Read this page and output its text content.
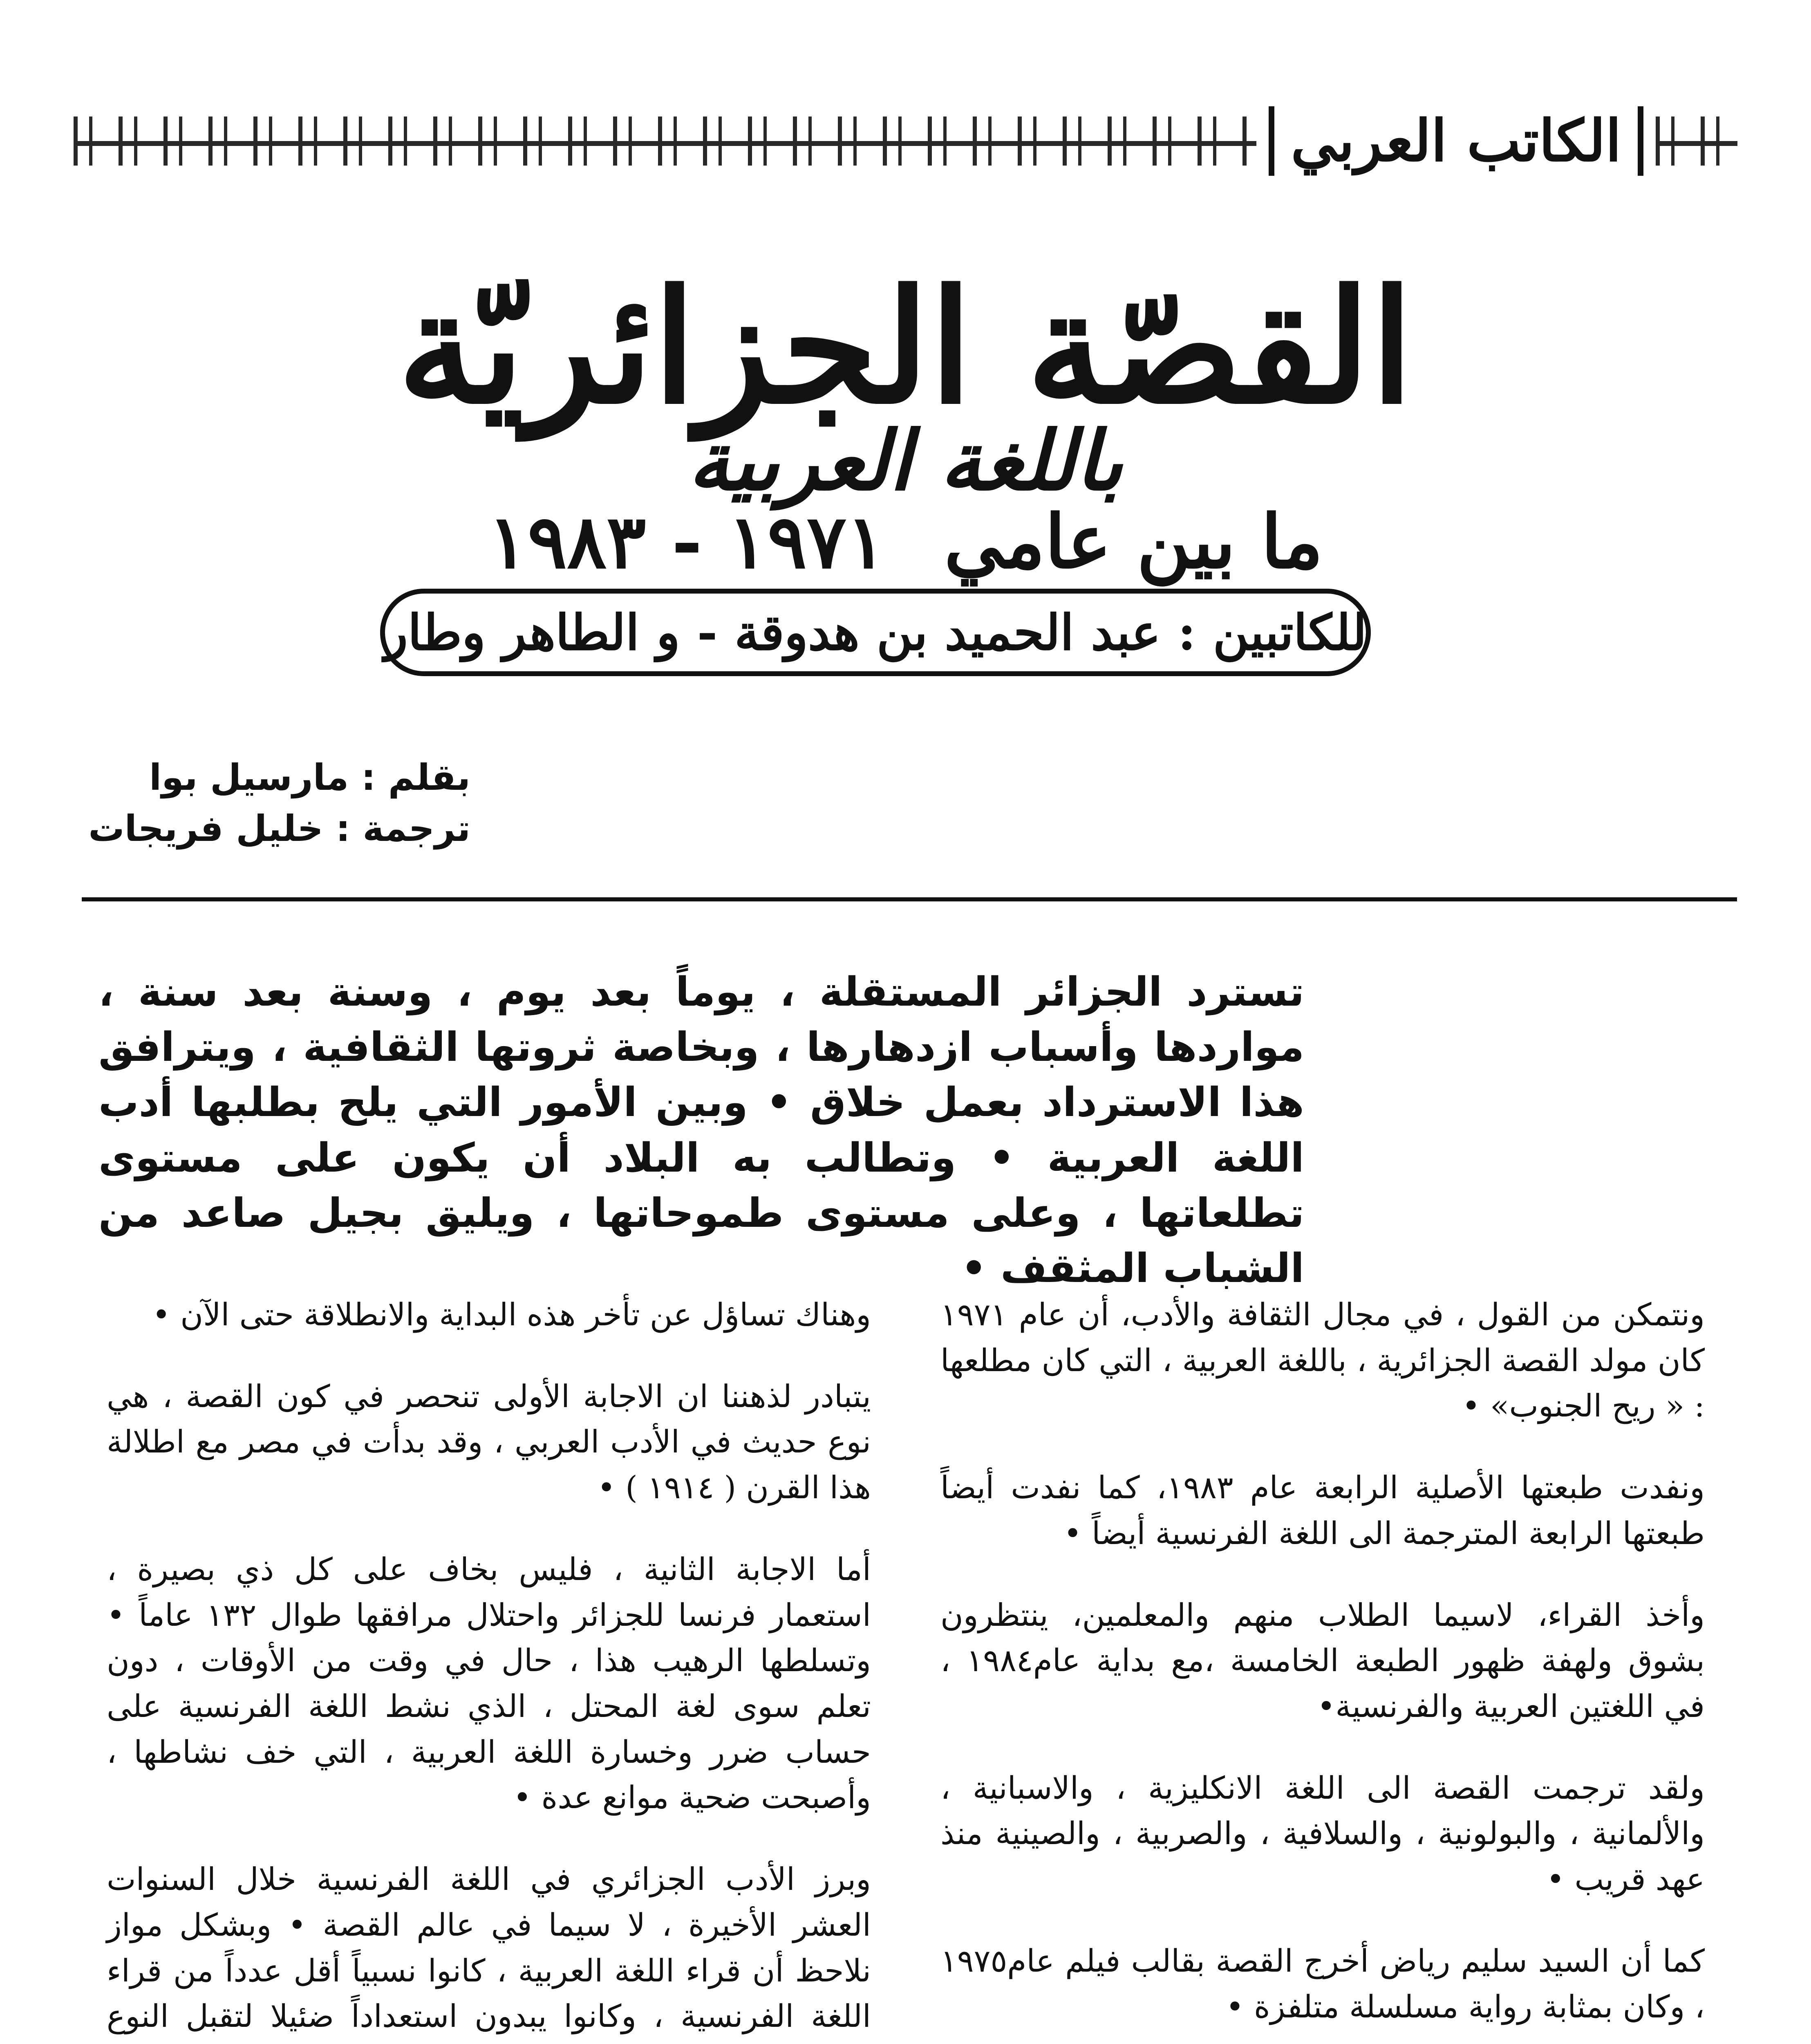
الكاتب العربي
القصّة الجزائريّة
باللغة العربية
ما بين عامي ١٩٧١ - ١٩٨٣
للكاتبين : عبد الحميد بن هدوقة - و الطاهر وطار
بقلم : مارسيل بوا
ترجمة : خليل فريجات
تسترد الجزائر المستقلة ، يوماً بعد يوم ، وسنة بعد سنة ، مواردها وأسباب ازدهارها ، وبخاصة ثروتها الثقافية ، ويترافق هذا الاسترداد بعمل خلاق • وبين الأمور التي يلح بطلبها أدب اللغة العربية • وتطالب به البلاد أن يكون على مستوى تطلعاتها ، وعلى مستوى طموحاتها ، ويليق بجيل صاعد من الشباب المثقف •

ونتمكن من القول ، في مجال الثقافة والأدب، أن عام ١٩٧١ كان مولد القصة الجزائرية ، باللغة العربية ، التي كان مطلعها : « ريح الجنوب» •

ونفدت طبعتها الأصلية الرابعة عام ١٩٨٣، كما نفدت أيضاً طبعتها الرابعة المترجمة الى اللغة الفرنسية أيضاً •

وأخذ القراء، لاسيما الطلاب منهم والمعلمين، ينتظرون بشوق ولهفة ظهور الطبعة الخامسة ،مع بداية عام١٩٨٤ ، في اللغتين العربية والفرنسية•

ولقد ترجمت القصة الى اللغة الانكليزية ، والاسبانية ، والألمانية ، والبولونية ، والسلافية ، والصربية ، والصينية منذ عهد قريب •

كما أن السيد سليم رياض أخرج القصة بقالب فيلم عام١٩٧٥ ، وكان بمثابة رواية مسلسلة متلفزة •

وهناك تساؤل عن تأخر هذه البداية والانطلاقة حتى الآن •

يتبادر لذهننا ان الاجابة الأولى تنحصر في كون القصة ، هي نوع حديث في الأدب العربي ، وقد بدأت في مصر مع اطلالة هذا القرن ( ١٩١٤ ) •

أما الاجابة الثانية ، فليس بخاف على كل ذي بصيرة ، استعمار فرنسا للجزائر واحتلال مرافقها طوال ١٣٢ عاماً • وتسلطها الرهيب هذا ، حال في وقت من الأوقات ، دون تعلم سوى لغة المحتل ، الذي نشط اللغة الفرنسية على حساب ضرر وخسارة اللغة العربية ، التي خف نشاطها ، وأصبحت ضحية موانع عدة •

وبرز الأدب الجزائري في اللغة الفرنسية خلال السنوات العشر الأخيرة ، لا سيما في عالم القصة • وبشكل مواز نلاحظ أن قراء اللغة العربية ، كانوا نسبياً أقل عدداً من قراء اللغة الفرنسية ، وكانوا يبدون استعداداً ضئيلا لتقبل النوع
